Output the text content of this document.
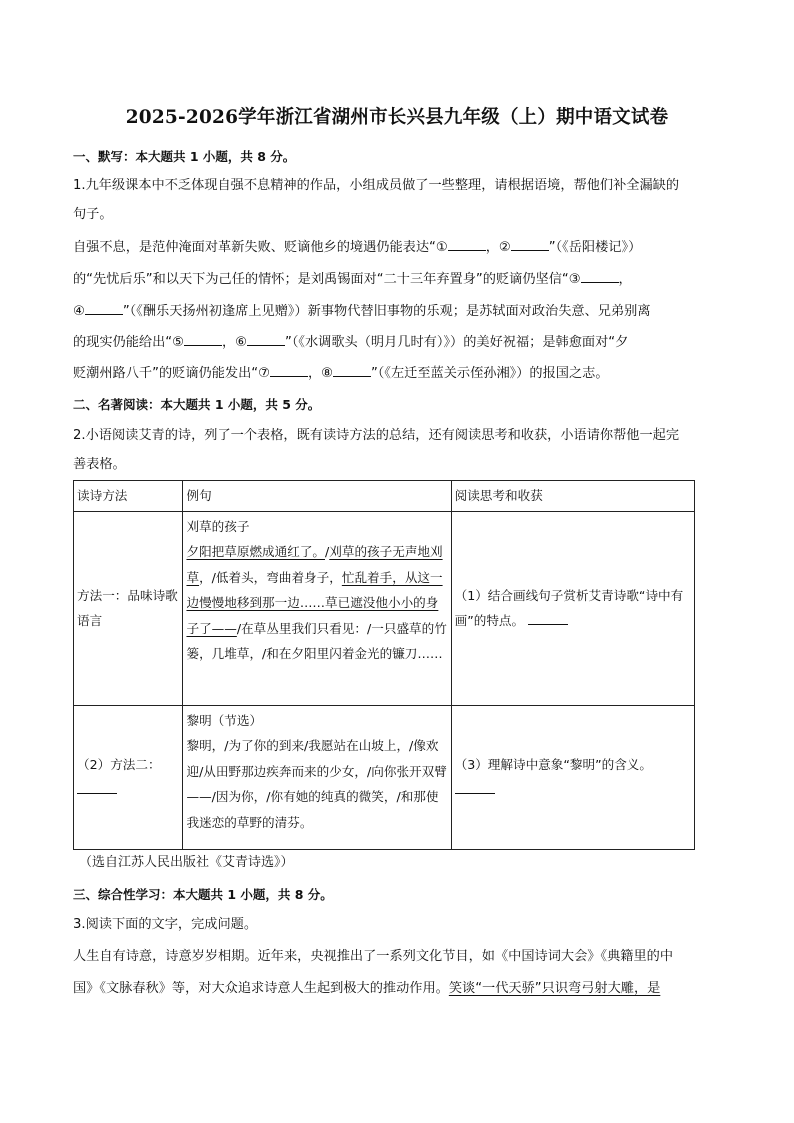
2025-2026学年浙江省湖州市长兴县九年级（上）期中语文试卷
一、默写：本大题共 1 小题，共 8 分。
1.九年级课本中不乏体现自强不息精神的作品，小组成员做了一些整理，请根据语境，帮他们补全漏缺的
句子。
自强不息，是范仲淹面对革新失败、贬谪他乡的境遇仍能表达“①	，②	”（《岳阳楼记》）
的“先忧后乐”和以天下为己任的情怀；是刘禹锡面对“二十三年弃置身”的贬谪仍坚信“③	，
④	”（《酬乐天扬州初逢席上见赠》）新事物代替旧事物的乐观；是苏轼面对政治失意、兄弟别离
的现实仍能给出“⑤	，⑥	”（《水调歌头（明月几时有）》）的美好祝福；是韩愈面对“夕
贬潮州路八千”的贬谪仍能发出“⑦	，⑧	”（《左迁至蓝关示侄孙湘》）的报国之志。
二、名著阅读：本大题共 1 小题，共 5 分。
2.小语阅读艾青的诗，列了一个表格，既有读诗方法的总结，还有阅读思考和收获，小语请你帮他一起完
善表格。
读诗方法	例句	阅读思考和收获
方法一：品味诗歌语言	刈草的孩子
夕阳把草原燃成通红了。/刈草的孩子无声地刈草，/低着头，弯曲着身子，忙乱着手，从这一边慢慢地移到那一边……草已遮没他小小的身子了——/在草丛里我们只看见：/一只盛草的竹篓，几堆草，/和在夕阳里闪着金光的镰刀……	（1）结合画线句子赏析艾青诗歌“诗中有画”的特点。

（2）方法二：	黎明（节选）
黎明，/为了你的到来/我愿站在山坡上，/像欢迎/从田野那边疾奔而来的少女，/向你张开双臂——/因为你，/你有她的纯真的微笑，/和那使我迷恋的草野的清芬。	（3）理解诗中意象“黎明”的含义。
（选自江苏人民出版社《艾青诗选》）
三、综合性学习：本大题共 1 小题，共 8 分。
3.阅读下面的文字，完成问题。
人生自有诗意，诗意岁岁相期。近年来，央视推出了一系列文化节目，如《中国诗词大会》《典籍里的中
国》《文脉春秋》等，对大众追求诗意人生起到极大的推动作用。笑谈“一代天骄”只识弯弓射大雕，是
